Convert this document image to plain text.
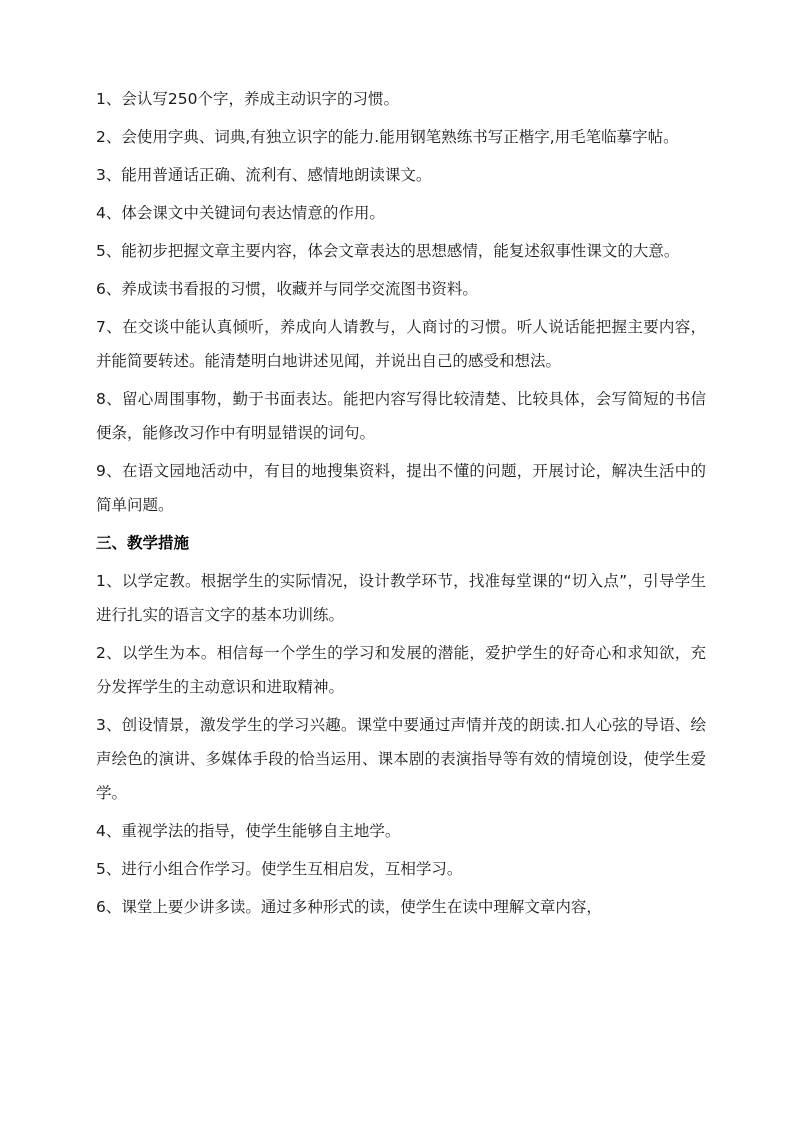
1、会认写250个字，养成主动识字的习惯。

2、会使用字典、词典,有独立识字的能力.能用钢笔熟练书写正楷字,用毛笔临摹字帖。

3、能用普通话正确、流利有、感情地朗读课文。

4、体会课文中关键词句表达情意的作用。

5、能初步把握文章主要内容，体会文章表达的思想感情，能复述叙事性课文的大意。

6、养成读书看报的习惯，收藏并与同学交流图书资料。

7、在交谈中能认真倾听，养成向人请教与，人商讨的习惯。听人说话能把握主要内容，并能简要转述。能清楚明白地讲述见闻，并说出自己的感受和想法。

8、留心周围事物，勤于书面表达。能把内容写得比较清楚、比较具体，会写简短的书信便条，能修改习作中有明显错误的词句。

9、在语文园地活动中，有目的地搜集资料，提出不懂的问题，开展讨论，解决生活中的简单问题。

三、教学措施

1、以学定教。根据学生的实际情况，设计教学环节，找准每堂课的“切入点”，引导学生进行扎实的语言文字的基本功训练。

2、以学生为本。相信每一个学生的学习和发展的潜能，爱护学生的好奇心和求知欲，充分发挥学生的主动意识和进取精神。

3、创设情景，激发学生的学习兴趣。课堂中要通过声情并茂的朗读.扣人心弦的导语、绘声绘色的演讲、多媒体手段的恰当运用、课本剧的表演指导等有效的情境创设，使学生爱学。

4、重视学法的指导，使学生能够自主地学。

5、进行小组合作学习。使学生互相启发，互相学习。

6、课堂上要少讲多读。通过多种形式的读，使学生在读中理解文章内容，
